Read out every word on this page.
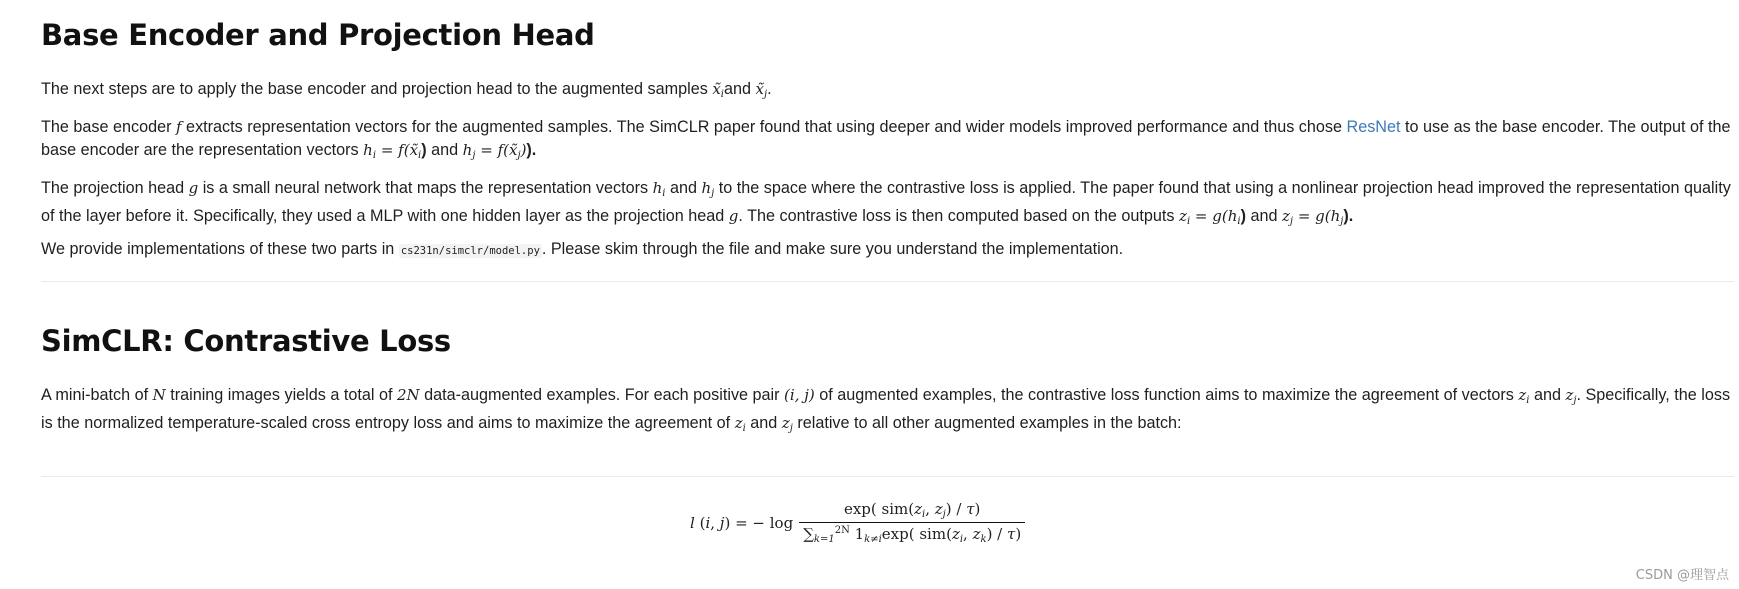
Base Encoder and Projection Head

The next steps are to apply the base encoder and projection head to the augmented samples $x̃_iand$ $x̃_j$.

The base encoder f extracts representation vectors for the augmented samples. The SimCLR paper found that using deeper and wider models improved performance and thus chose ResNet to use as the base encoder. The output of the base encoder are the representation vectors $h_i$ = $f(x̃_i)$ and $h_j$ = $f(x̃_j)$).

The projection head g is a small neural network that maps the representation vectors $h_i$ and $h_j$ to the space where the contrastive loss is applied. The paper found that using a nonlinear projection head improved the representation quality of the layer before it. Specifically, they used a MLP with one hidden layer as the projection head g. The contrastive loss is then computed based on the outputs $z_i = g(h_i)$ and $z_j = g(h_j)$.

We provide implementations of these two parts in cs231n/simclr/model.py . Please skim through the file and make sure you understand the implementation.

SimCLR: Contrastive Loss

A mini-batch of N training images yields a total of 2N data-augmented examples. For each positive pair (i, j) of augmented examples, the contrastive loss function aims to maximize the agreement of vectors $z_i$ and $z_j$. Specifically, the loss is the normalized temperature-scaled cross entropy loss and aims to maximize the agreement of $z_i$ and $z_j$ relative to all other augmented examples in the batch:

l (i, j) = − $\log \frac{\exp( sim(z_i, z_j) / \tau)}{\sum_{k=1}^{2N} 1_{k\ne i}\exp( sim(z_i, z_k) / \tau)}$
CSDN @理智点
